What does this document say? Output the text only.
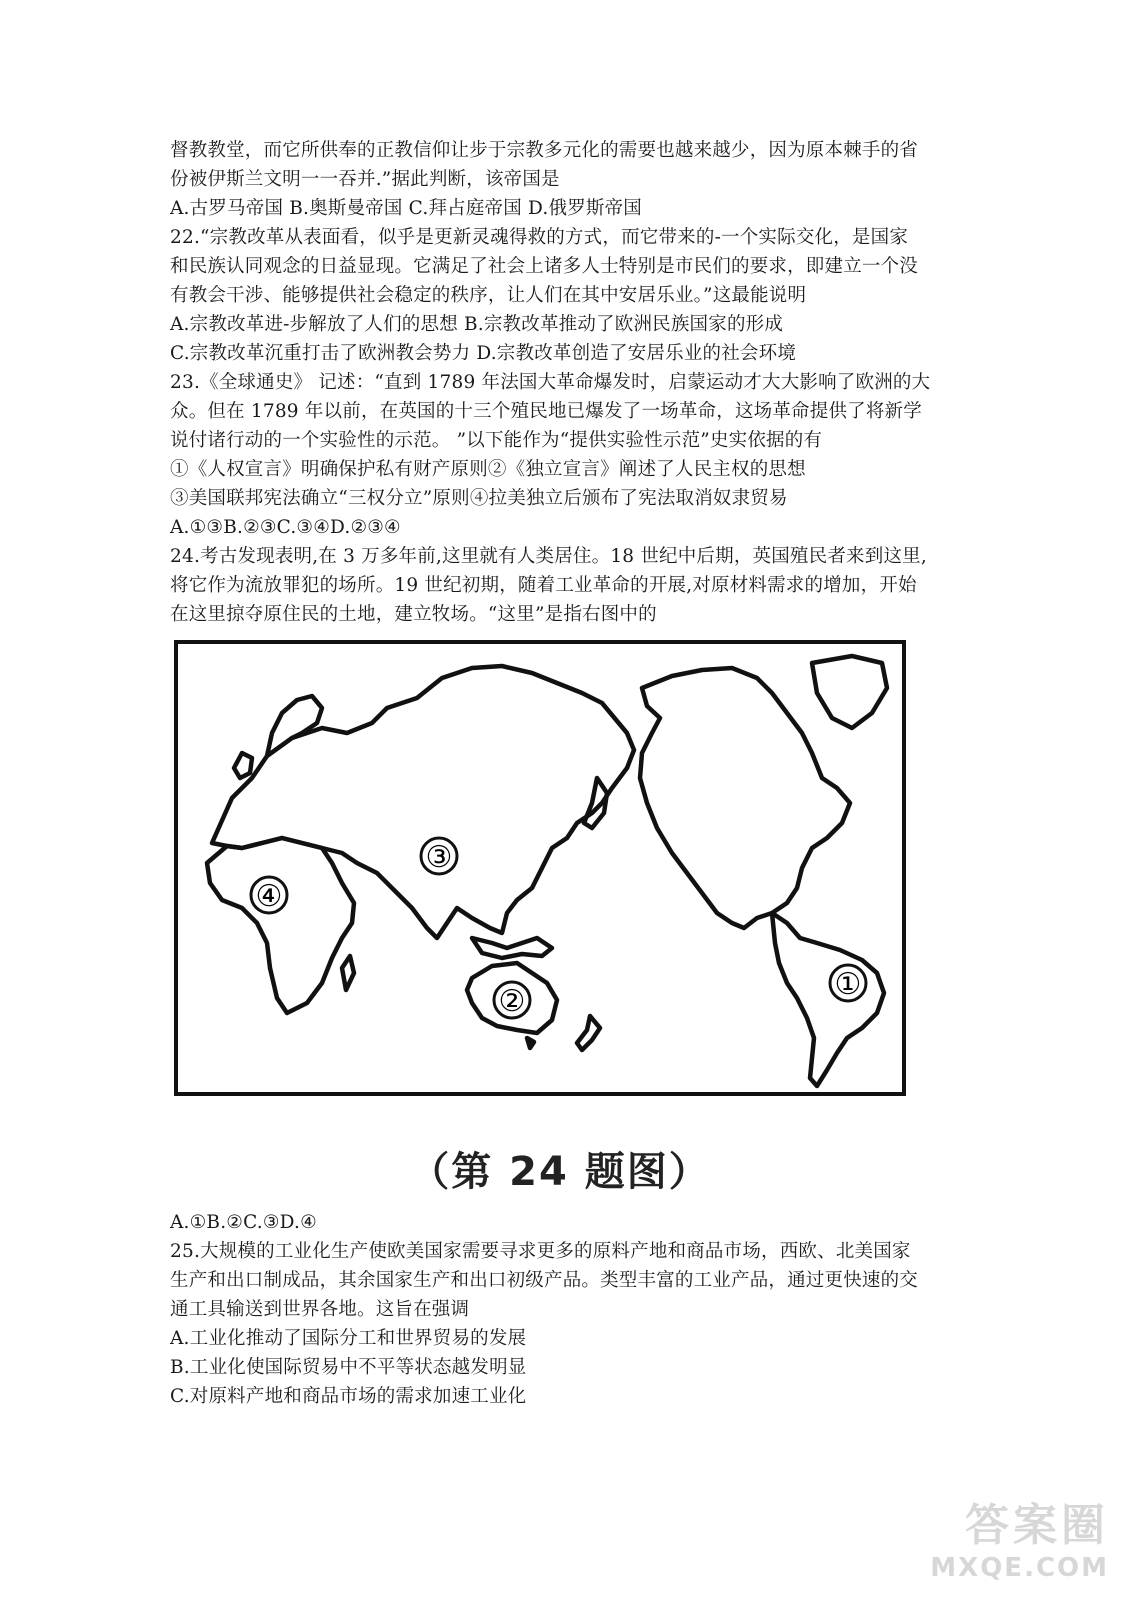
督教教堂，而它所供奉的正教信仰让步于宗教多元化的需要也越来越少，因为原本棘手的省
份被伊斯兰文明一一吞并.”据此判断，该帝国是
A.古罗马帝国 B.奥斯曼帝国 C.拜占庭帝国 D.俄罗斯帝国
22.“宗教改革从表面看，似乎是更新灵魂得救的方式，而它带来的-一个实际交化，是国家
和民族认同观念的日益显现。它满足了社会上诸多人士特别是市民们的要求，即建立一个没
有教会干涉、能够提供社会稳定的秩序，让人们在其中安居乐业。”这最能说明
A.宗教改革进-步解放了人们的思想 B.宗教改革推动了欧洲民族国家的形成
C.宗教改革沉重打击了欧洲教会势力 D.宗教改革创造了安居乐业的社会环境
23.《全球通史》 记述：“直到 1789 年法国大革命爆发时，启蒙运动才大大影响了欧洲的大
众。但在 1789 年以前，在英国的十三个殖民地已爆发了一场革命，这场革命提供了将新学
说付诸行动的一个实验性的示范。 ”以下能作为“提供实验性示范”史实依据的有
①《人权宣言》明确保护私有财产原则②《独立宣言》阐述了人民主权的思想
③美国联邦宪法确立“三权分立”原则④拉美独立后颁布了宪法取消奴隶贸易
A.①③B.②③C.③④D.②③④
24.考古发现表明,在 3 万多年前,这里就有人类居住。18 世纪中后期，英国殖民者来到这里,
将它作为流放罪犯的场所。19 世纪初期，随着工业革命的开展,对原材料需求的增加，开始
在这里掠夺原住民的土地，建立牧场。“这里”是指右图中的
①
②
③
④
（第 24 题图）
A.①B.②C.③D.④
25.大规模的工业化生产使欧美国家需要寻求更多的原料产地和商品市场，西欧、北美国家
生产和出口制成品，其余国家生产和出口初级产品。类型丰富的工业产品，通过更快速的交
通工具输送到世界各地。这旨在强调
A.工业化推动了国际分工和世界贸易的发展
B.工业化使国际贸易中不平等状态越发明显
C.对原料产地和商品市场的需求加速工业化
答案圈
MXQE.COM
